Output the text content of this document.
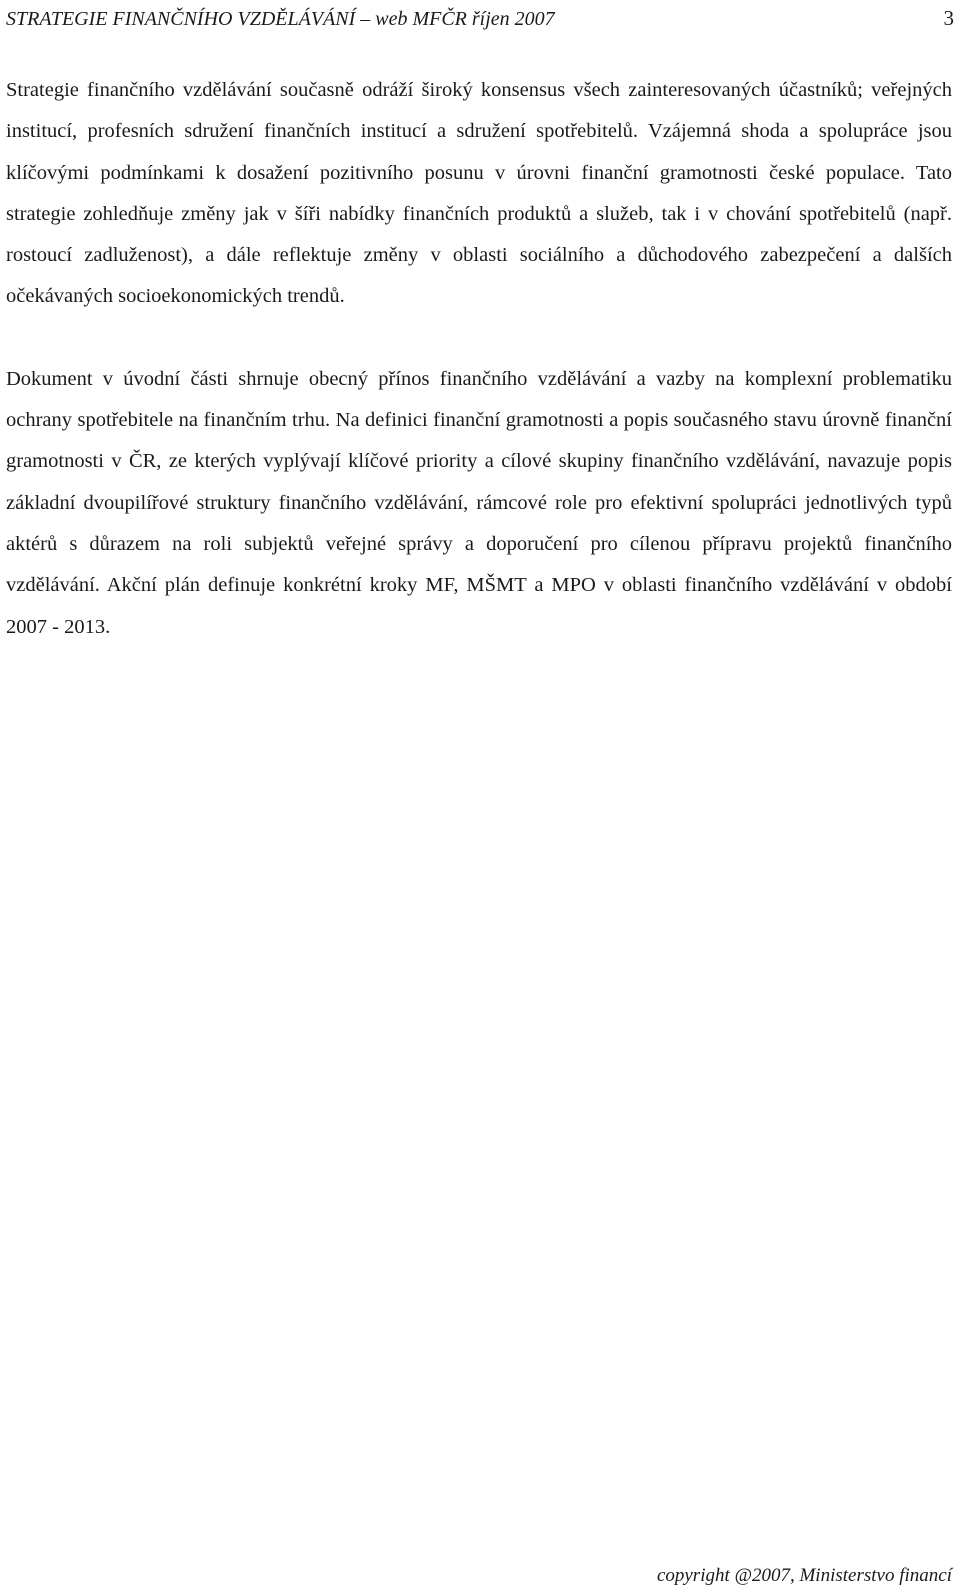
STRATEGIE FINANČNÍHO VZDĚLÁVÁNÍ – web MFČR říjen 2007	3

Strategie finančního vzdělávání současně odráží široký konsensus všech zainteresovaných účastníků; veřejných institucí, profesních sdružení finančních institucí a sdružení spotřebitelů. Vzájemná shoda a spolupráce jsou klíčovými podmínkami k dosažení pozitivního posunu v úrovni finanční gramotnosti české populace. Tato strategie zohledňuje změny jak v šíři nabídky finančních produktů a služeb, tak i v chování spotřebitelů (např. rostoucí zadluženost), a dále reflektuje změny v oblasti sociálního a důchodového zabezpečení a dalších očekávaných socioekonomických trendů.

Dokument v úvodní části shrnuje obecný přínos finančního vzdělávání a vazby na komplexní problematiku ochrany spotřebitele na finančním trhu. Na definici finanční gramotnosti a popis současného stavu úrovně finanční gramotnosti v ČR, ze kterých vyplývají klíčové priority a cílové skupiny finančního vzdělávání, navazuje popis základní dvoupilířové struktury finančního vzdělávání, rámcové role pro efektivní spolupráci jednotlivých typů aktérů s důrazem na roli subjektů veřejné správy a doporučení pro cílenou přípravu projektů finančního vzdělávání. Akční plán definuje konkrétní kroky MF, MŠMT a MPO v oblasti finančního vzdělávání v období 2007 - 2013.

copyright @2007, Ministerstvo financí
